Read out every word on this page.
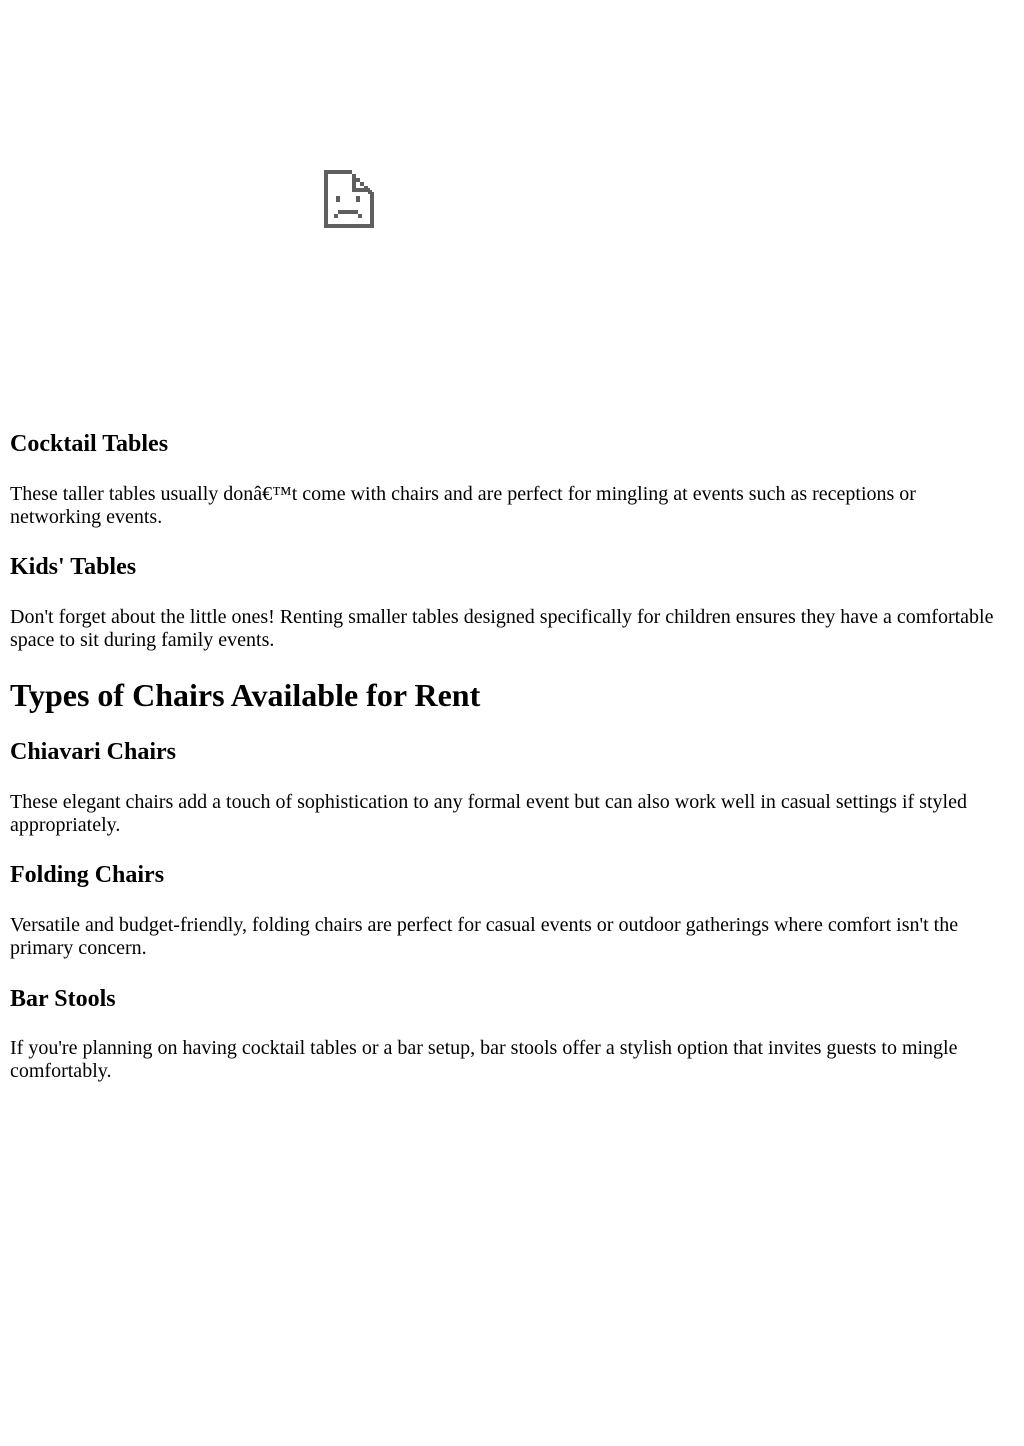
Cocktail Tables

These taller tables usually donâ€™t come with chairs and are perfect for mingling at events such as receptions or networking events.

Kids' Tables

Don't forget about the little ones! Renting smaller tables designed specifically for children ensures they have a comfortable space to sit during family events.

Types of Chairs Available for Rent
Chiavari Chairs

These elegant chairs add a touch of sophistication to any formal event but can also work well in casual settings if styled appropriately.

Folding Chairs

Versatile and budget-friendly, folding chairs are perfect for casual events or outdoor gatherings where comfort isn't the primary concern.

Bar Stools

If you're planning on having cocktail tables or a bar setup, bar stools offer a stylish option that invites guests to mingle comfortably.
